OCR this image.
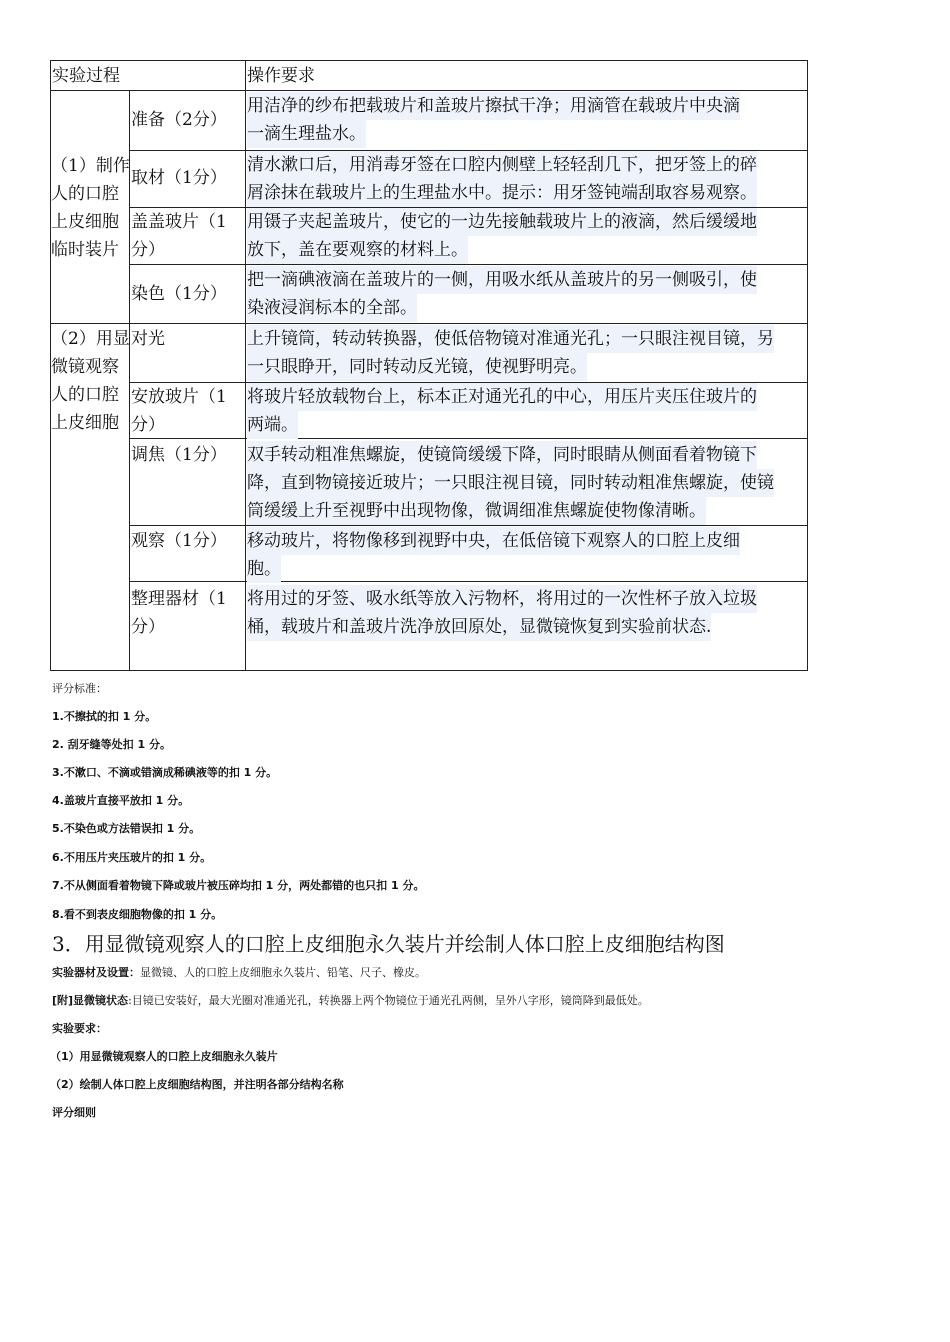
实验过程	操作要求
（1）制作
人的口腔
上皮细胞
临时装片
准备（2分）
用洁净的纱布把载玻片和盖玻片擦拭干净；用滴管在载玻片中央滴
一滴生理盐水。
取材（1分）
清水漱口后，用消毒牙签在口腔内侧壁上轻轻刮几下，把牙签上的碎
屑涂抹在载玻片上的生理盐水中。提示：用牙签钝端刮取容易观察。
盖盖玻片（1
分）
用镊子夹起盖玻片，使它的一边先接触载玻片上的液滴，然后缓缓地
放下，盖在要观察的材料上。
染色（1分）
把一滴碘液滴在盖玻片的一侧，用吸水纸从盖玻片的另一侧吸引，使
染液浸润标本的全部。
（2）用显
微镜观察
人的口腔
上皮细胞
对光	上升镜筒，转动转换器，使低倍物镜对准通光孔；一只眼注视目镜，另
一只眼睁开，同时转动反光镜，使视野明亮。
安放玻片（1
分）
将玻片轻放载物台上，标本正对通光孔的中心，用压片夹压住玻片的
两端。
调焦（1分） 双手转动粗准焦螺旋，使镜筒缓缓下降，同时眼睛从侧面看着物镜下
降，直到物镜接近玻片；一只眼注视目镜，同时转动粗准焦螺旋，使镜
筒缓缓上升至视野中出现物像，微调细准焦螺旋使物像清晰。
观察（1分） 移动玻片，将物像移到视野中央，在低倍镜下观察人的口腔上皮细
胞。
整理器材（1
分）
将用过的牙签、吸水纸等放入污物杯，将用过的一次性杯子放入垃圾
桶，载玻片和盖玻片洗净放回原处，显微镜恢复到实验前状态.
评分标准：
1.不擦拭的扣 1 分。
2. 刮牙缝等处扣 1 分。
3.不漱口、不滴或错滴成稀碘液等的扣 1 分。
4.盖玻片直接平放扣 1 分。
5.不染色或方法错误扣 1 分。
6.不用压片夹压玻片的扣 1 分。
7.不从侧面看着物镜下降或玻片被压碎均扣 1 分，两处都错的也只扣 1 分。
8.看不到表皮细胞物像的扣 1 分。
3．用显微镜观察人的口腔上皮细胞永久装片并绘制人体口腔上皮细胞结构图
实验器材及设置：显微镜、人的口腔上皮细胞永久装片、铅笔、尺子、橡皮。
[附]显微镜状态:目镜已安装好，最大光圈对准通光孔，转换器上两个物镜位于通光孔两侧，呈外八字形，镜筒降到最低处。
实验要求：
（1）用显微镜观察人的口腔上皮细胞永久装片
（2）绘制人体口腔上皮细胞结构图，并注明各部分结构名称
评分细则
